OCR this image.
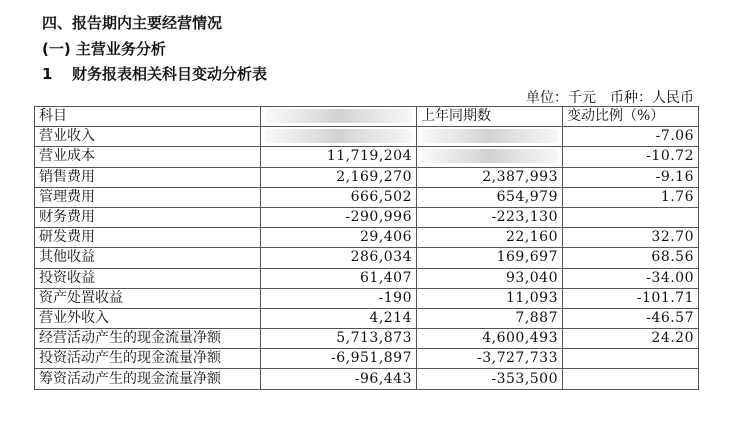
四、报告期内主要经营情况
(一) 主营业务分析
1 财务报表相关科目变动分析表
单位：千元 币种：人民币
科目		上年同期数	变动比例（%）
营业收入			-7.06
营业成本	11,719,204		-10.72
销售费用	2,169,270	2,387,993	-9.16
管理费用	666,502	654,979	1.76
财务费用	-290,996	-223,130	
研发费用	29,406	22,160	32.70
其他收益	286,034	169,697	68.56
投资收益	61,407	93,040	-34.00
资产处置收益	-190	11,093	-101.71
营业外收入	4,214	7,887	-46.57
经营活动产生的现金流量净额	5,713,873	4,600,493	24.20
投资活动产生的现金流量净额	-6,951,897	-3,727,733	
筹资活动产生的现金流量净额	-96,443	-353,500	
